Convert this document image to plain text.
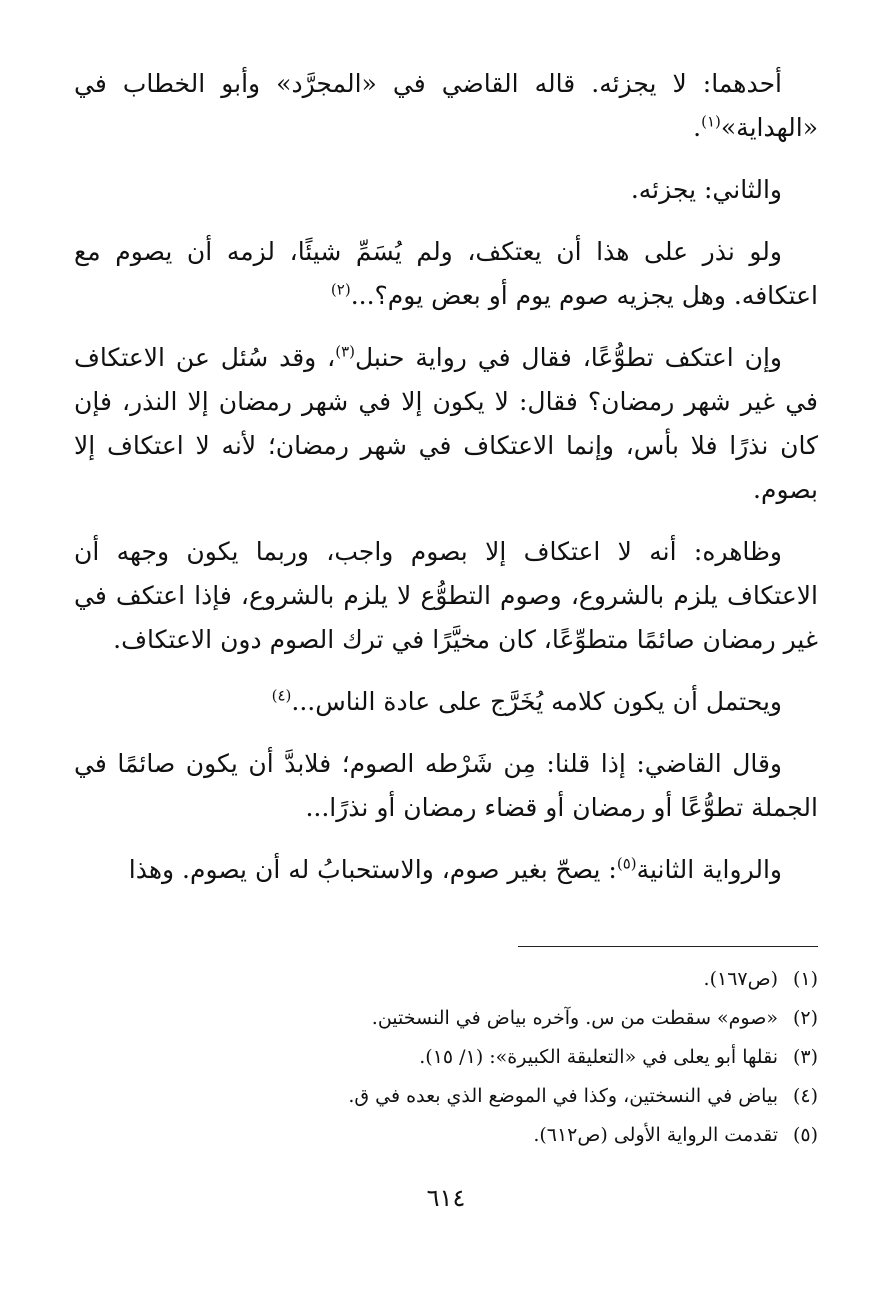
أحدهما: لا يجزئه. قاله القاضي في «المجرَّد» وأبو الخطاب في «الهداية»$^{(١)}$.

والثاني: يجزئه.

ولو نذر على هذا أن يعتكف، ولم يُسَمِّ شيئًا، لزمه أن يصوم مع اعتكافه. وهل يجزيه صوم يوم أو بعض يوم؟...$^{(٢)}$

وإن اعتكف تطوُّعًا، فقال في رواية حنبل$^{(٣)}$، وقد سُئل عن الاعتكاف في غير شهر رمضان؟ فقال: لا يكون إلا في شهر رمضان إلا النذر، فإن كان نذرًا فلا بأس، وإنما الاعتكاف في شهر رمضان؛ لأنه لا اعتكاف إلا بصوم.

وظاهره: أنه لا اعتكاف إلا بصوم واجب، وربما يكون وجهه أن الاعتكاف يلزم بالشروع، وصوم التطوُّع لا يلزم بالشروع، فإذا اعتكف في غير رمضان صائمًا متطوِّعًا، كان مخيَّرًا في ترك الصوم دون الاعتكاف.

ويحتمل أن يكون كلامه يُخَرَّج على عادة الناس...$^{(٤)}$

وقال القاضي: إذا قلنا: مِن شَرْطه الصوم؛ فلابدَّ أن يكون صائمًا في الجملة تطوُّعًا أو رمضان أو قضاء رمضان أو نذرًا...

والرواية الثانية$^{(٥)}$: يصحّ بغير صوم، والاستحبابُ له أن يصوم. وهذا

(١)
(ص١٦٧).
(٢)
«صوم» سقطت من س. وآخره بياض في النسختين.
(٣)
نقلها أبو يعلى في «التعليقة الكبيرة»: (١/ ١٥).
(٤)
بياض في النسختين، وكذا في الموضع الذي بعده في ق.
(٥)
تقدمت الرواية الأولى (ص٦١٢).
٦١٤
